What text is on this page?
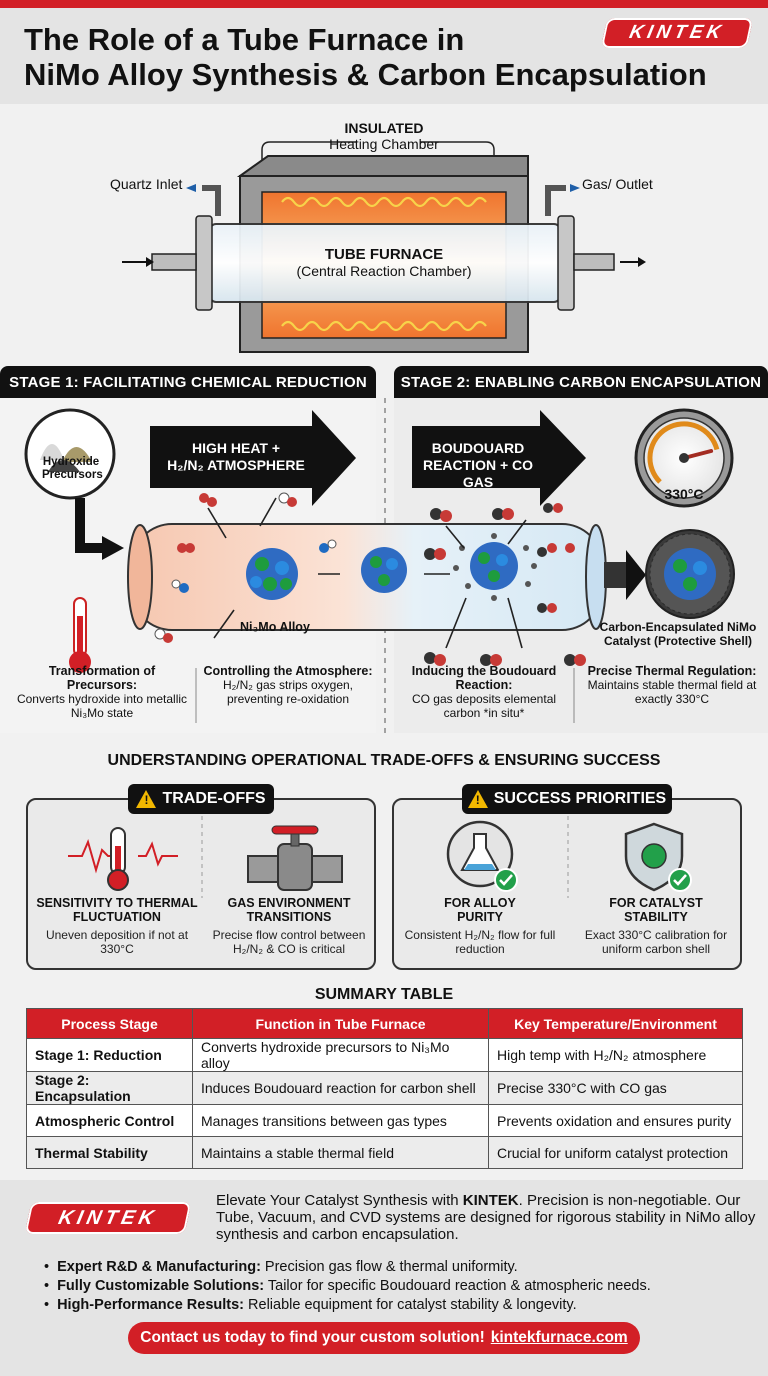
The Role of a Tube Furnace in
NiMo Alloy Synthesis & Carbon Encapsulation
KINTEK
INSULATED
Heating Chamber
Quartz Inlet	Gas/ Outlet
TUBE FURNACE
(Central Reaction Chamber)
STAGE 1: FACILITATING CHEMICAL REDUCTION	STAGE 2: ENABLING CARBON ENCAPSULATION
Hydroxide Precursors
HIGH HEAT +
H₂/N₂ ATMOSPHERE
BOUDOUARD
REACTION + CO GAS
330°C
Ni₃Mo Alloy	Carbon-Encapsulated NiMo Catalyst (Protective Shell)
Transformation of Precursors:
Converts hydroxide into metallic Ni₃Mo state
Controlling the Atmosphere:
H₂/N₂ gas strips oxygen, preventing re-oxidation
Inducing the Boudouard Reaction:
CO gas deposits elemental carbon *in situ*
Precise Thermal Regulation:
Maintains stable thermal field at exactly 330°C
UNDERSTANDING OPERATIONAL TRADE-OFFS & ENSURING SUCCESS
!
TRADE-OFFS
!	SUCCESS PRIORITIES
SENSITIVITY TO THERMAL FLUCTUATION
Uneven deposition if not at 330°C
GAS ENVIRONMENT TRANSITIONS
Precise flow control between H₂/N₂ & CO is critical
FOR ALLOY PURITY
Consistent H₂/N₂ flow for full reduction
FOR CATALYST STABILITY
Exact 330°C calibration for uniform carbon shell
SUMMARY TABLE
Process Stage	Function in Tube Furnace	Key Temperature/Environment
Stage 1: Reduction	Converts hydroxide precursors to Ni₃Mo alloy	High temp with H₂/N₂ atmosphere
Stage 2: Encapsulation	Induces Boudouard reaction for carbon shell	Precise 330°C with CO gas
Atmospheric Control	Manages transitions between gas types	Prevents oxidation and ensures purity
Thermal Stability	Maintains a stable thermal field	Crucial for uniform catalyst protection
KINTEK
Elevate Your Catalyst Synthesis with KINTEK. Precision is non-negotiable. Our Tube, Vacuum, and CVD systems are designed for rigorous stability in NiMo alloy synthesis and carbon encapsulation.
• Expert R&D & Manufacturing: Precision gas flow & thermal uniformity.
• Fully Customizable Solutions: Tailor for specific Boudouard reaction & atmospheric needs.
• High-Performance Results: Reliable equipment for catalyst stability & longevity.
Contact us today to find your custom solution! kintekfurnace.com
